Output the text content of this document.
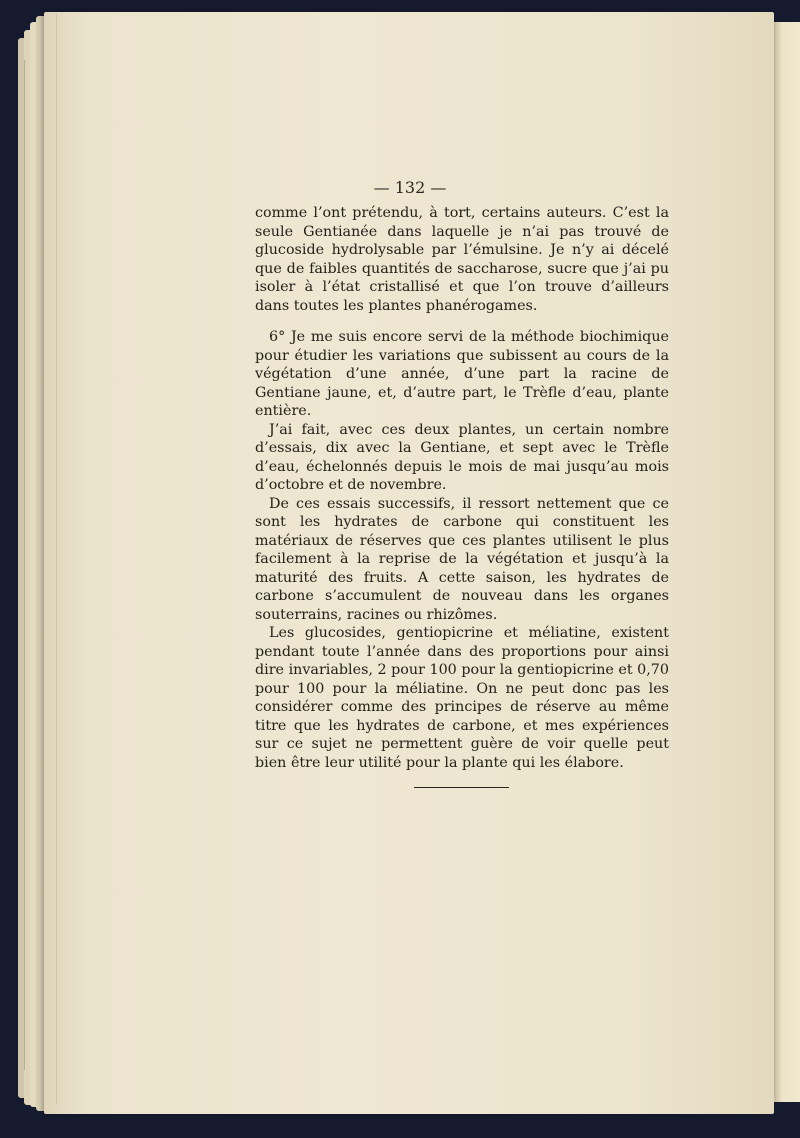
— 132 —

comme l’ont prétendu, à tort, certains auteurs. C’est la seule Gentianée dans laquelle je n’ai pas trouvé de glucoside hydrolysable par l’émulsine. Je n’y ai décelé que de faibles quantités de saccharose, sucre que j’ai pu isoler à l’état cristallisé et que l’on trouve d’ailleurs dans toutes les plantes phanérogames.

6° Je me suis encore servi de la méthode biochimique pour étudier les variations que subissent au cours de la végétation d’une année, d’une part la racine de Gentiane jaune, et, d’autre part, le Trèfle d’eau, plante entière.

J’ai fait, avec ces deux plantes, un certain nombre d’essais, dix avec la Gentiane, et sept avec le Trèfle d’eau, échelonnés depuis le mois de mai jusqu’au mois d’octobre et de novembre.

De ces essais successifs, il ressort nettement que ce sont les hydrates de carbone qui constituent les matériaux de réserves que ces plantes utilisent le plus facilement à la reprise de la végétation et jusqu’à la maturité des fruits. A cette saison, les hydrates de carbone s’accumulent de nouveau dans les organes souterrains, racines ou rhizômes.

Les glucosides, gentiopicrine et méliatine, existent pendant toute l’année dans des proportions pour ainsi dire invariables, 2 pour 100 pour la gentiopicrine et 0,70 pour 100 pour la méliatine. On ne peut donc pas les considérer comme des principes de réserve au même titre que les hydrates de carbone, et mes expériences sur ce sujet ne permettent guère de voir quelle peut bien être leur utilité pour la plante qui les élabore.
